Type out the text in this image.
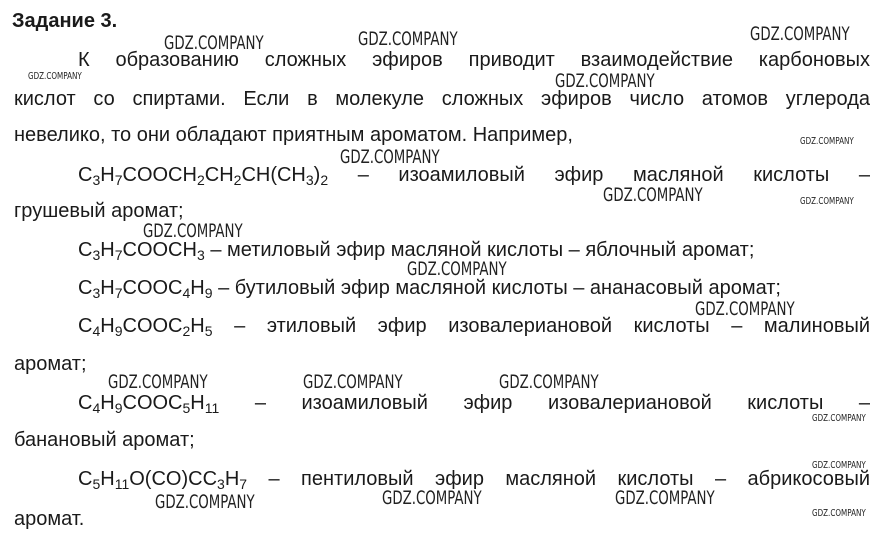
Задание 3.
К образованию сложных эфиров приводит взаимодействие карбоновых
кислот со спиртами. Если в молекуле сложных эфиров число атомов углерода
невелико, то они обладают приятным ароматом. Например,
$C_3H_7COOCH_2CH_2CH(CH_3)_2$ – изоамиловый эфир масляной кислоты –
грушевый аромат;
$C_3H_7COOCH_3$ – метиловый эфир масляной кислоты – яблочный аромат;
$C_3H_7COOC_4H_9$ – бутиловый эфир масляной кислоты – ананасовый аромат;
$C_4H_9COOC_2H_5$ – этиловый эфир изовалериановой кислоты – малиновый
аромат;
$C_4H_9COOC_5H_{11}$ – изоамиловый эфир изовалериановой кислоты –
банановый аромат;
$C_5H_{11}O(CO)CC_3H_7$ – пентиловый эфир масляной кислоты – абрикосовый
аромат.
GDZ.COMPANY	GDZ.COMPANY	GDZ.COMPANY
GDZ.COMPANY	GDZ.COMPANY
GDZ.COMPANY
GDZ.COMPANY
GDZ.COMPANY	GDZ.COMPANY
GDZ.COMPANY
GDZ.COMPANY
GDZ.COMPANY
GDZ.COMPANY	GDZ.COMPANY	GDZ.COMPANY
GDZ.COMPANY
GDZ.COMPANY
GDZ.COMPANY	GDZ.COMPANY	GDZ.COMPANY
GDZ.COMPANY
